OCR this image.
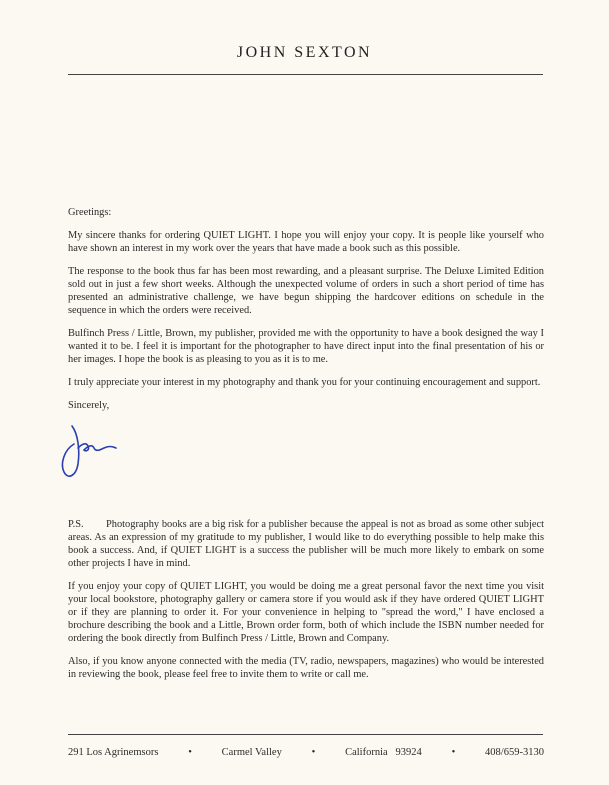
JOHN SEXTON

Greetings:

My sincere thanks for ordering QUIET LIGHT. I hope you will enjoy your copy. It is people like yourself who have shown an interest in my work over the years that have made a book such as this possible.

The response to the book thus far has been most rewarding, and a pleasant surprise. The Deluxe Limited Edition sold out in just a few short weeks. Although the unexpected volume of orders in such a short period of time has presented an administrative challenge, we have begun shipping the hardcover editions on schedule in the sequence in which the orders were received.

Bulfinch Press / Little, Brown, my publisher, provided me with the opportunity to have a book designed the way I wanted it to be. I feel it is important for the photographer to have direct input into the final presentation of his or her images. I hope the book is as pleasing to you as it is to me.

I truly appreciate your interest in my photography and thank you for your continuing encouragement and support.

Sincerely,

P.S. Photography books are a big risk for a publisher because the appeal is not as broad as some other subject areas. As an expression of my gratitude to my publisher, I would like to do everything possible to help make this book a success. And, if QUIET LIGHT is a success the publisher will be much more likely to embark on some other projects I have in mind.

If you enjoy your copy of QUIET LIGHT, you would be doing me a great personal favor the next time you visit your local bookstore, photography gallery or camera store if you would ask if they have ordered QUIET LIGHT or if they are planning to order it. For your convenience in helping to "spread the word," I have enclosed a brochure describing the book and a Little, Brown order form, both of which include the ISBN number needed for ordering the book directly from Bulfinch Press / Little, Brown and Company.

Also, if you know anyone connected with the media (TV, radio, newspapers, magazines) who would be interested in reviewing the book, please feel free to invite them to write or call me.

291 Los Agrinemsors	•	Carmel Valley	•	California 93924	•	408/659-3130
